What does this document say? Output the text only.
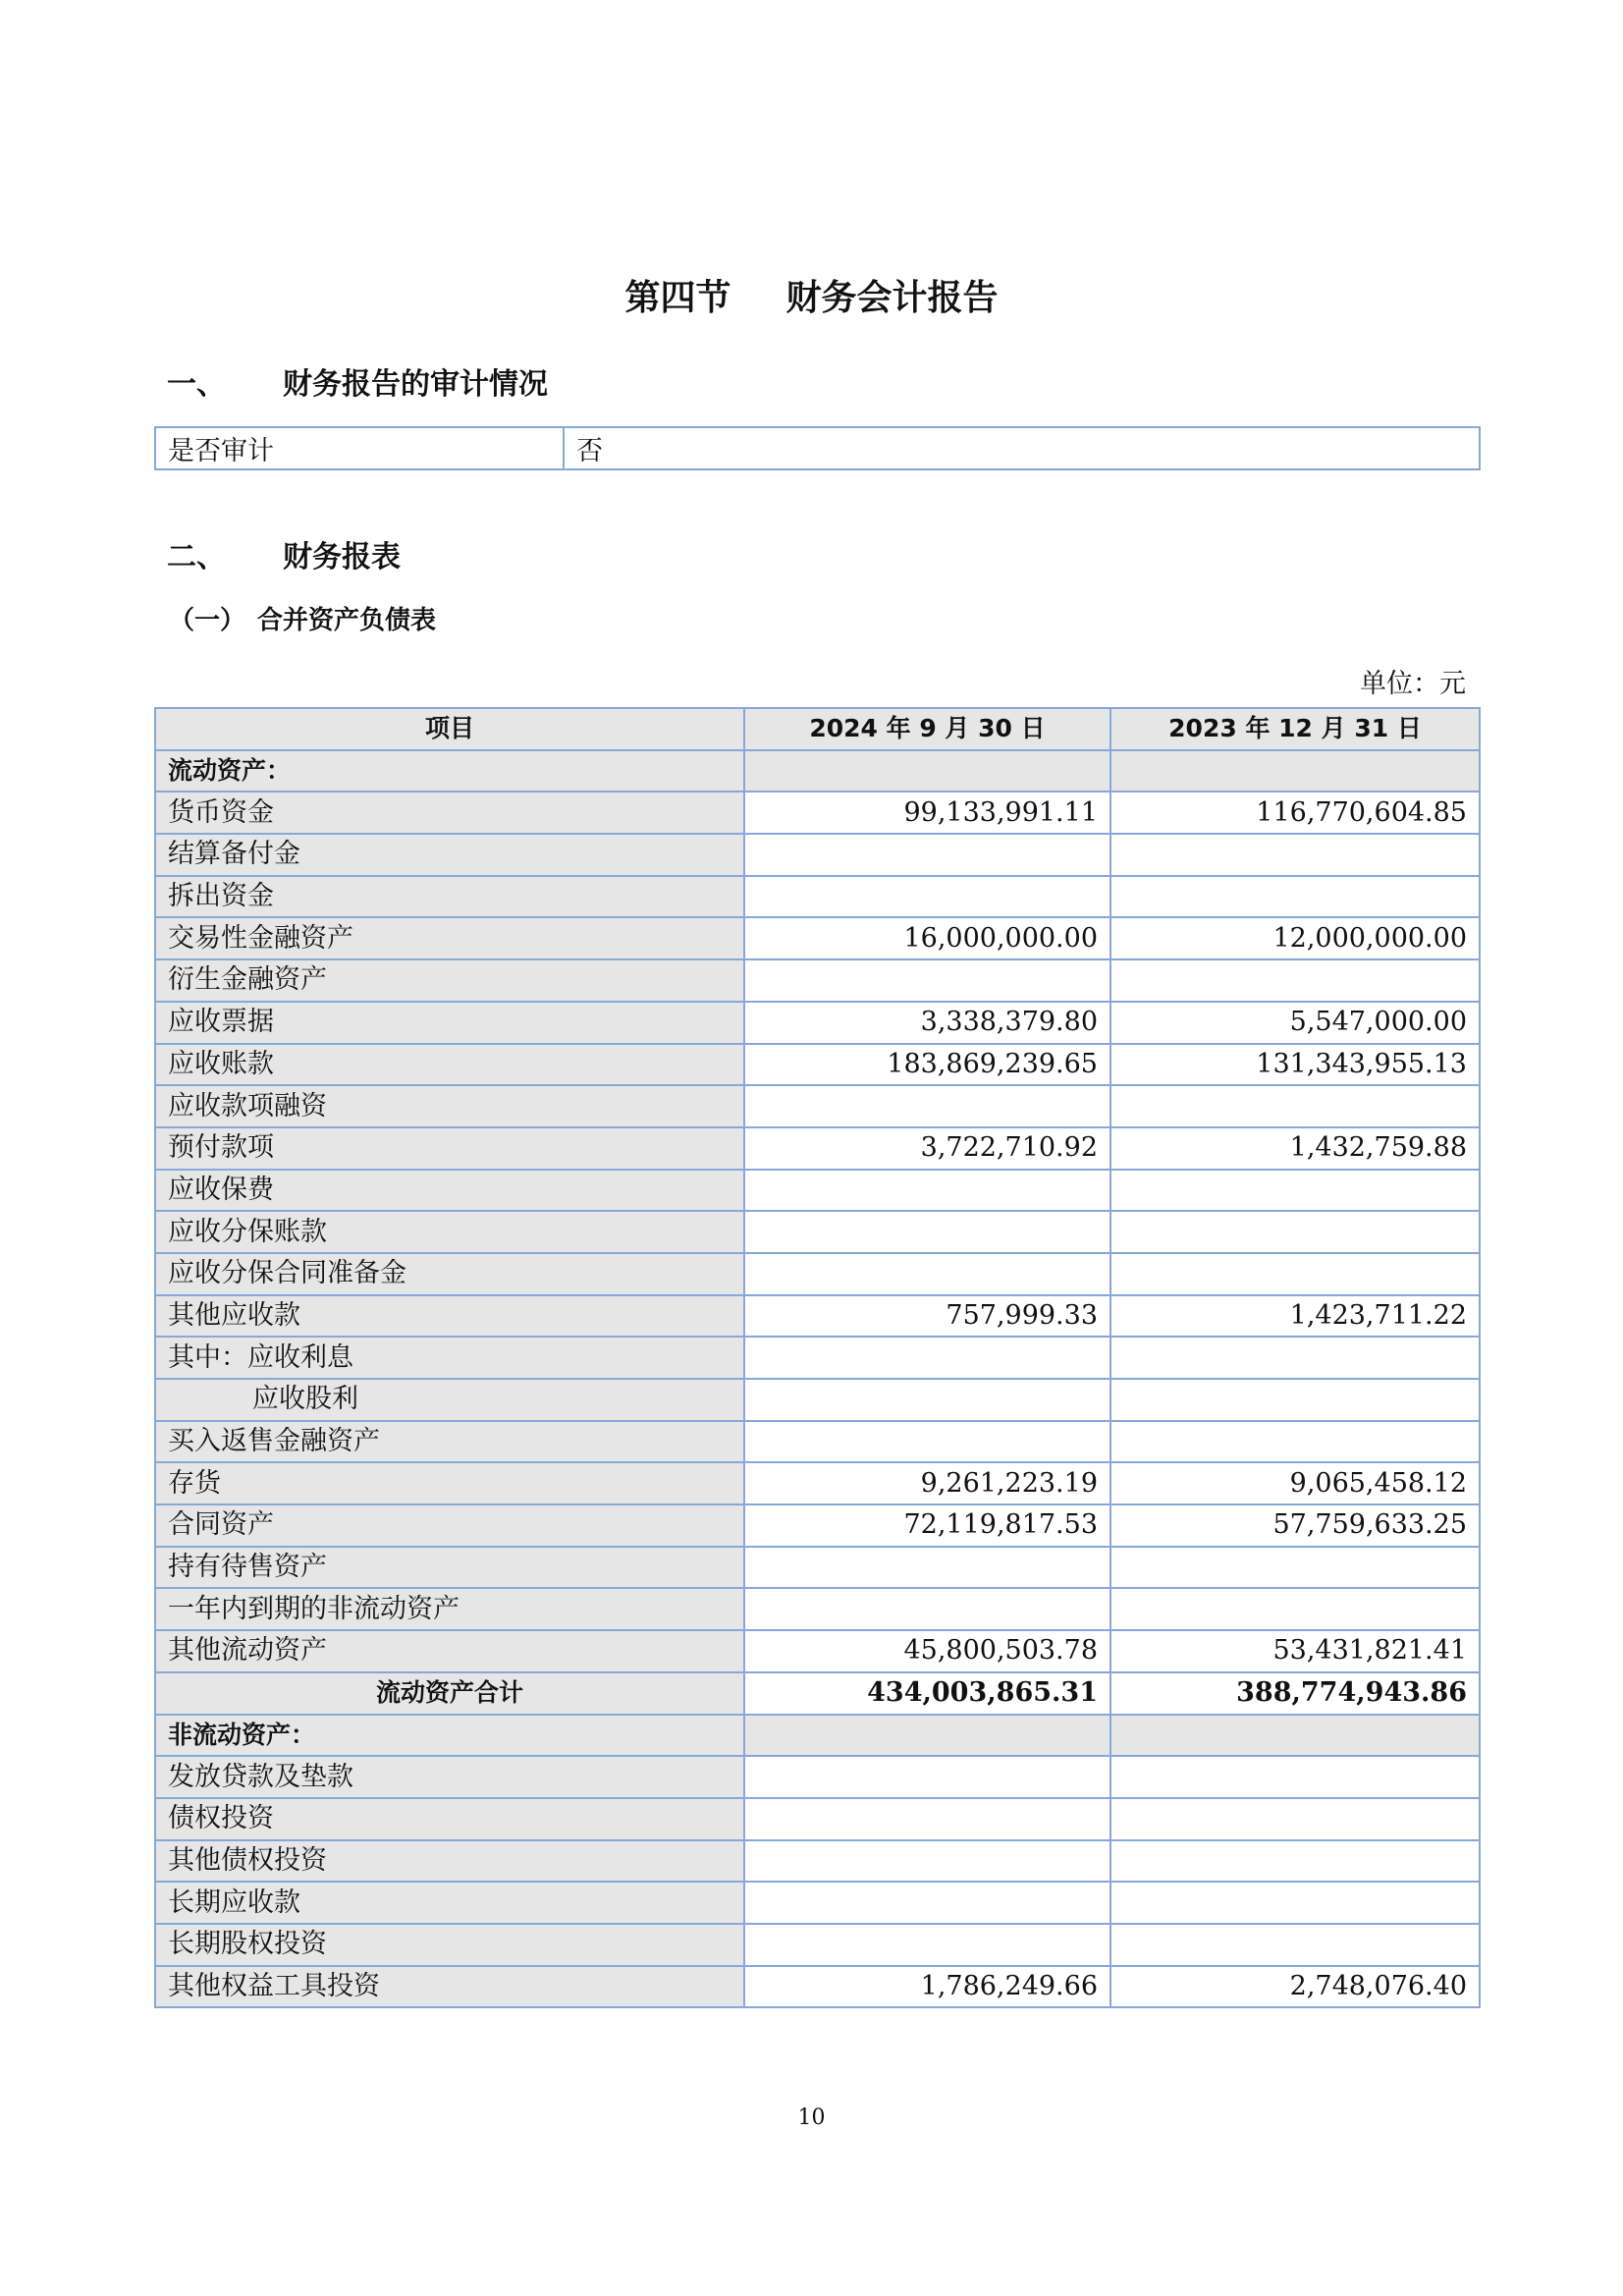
第四节 财务会计报告
一、 财务报告的审计情况
是否审计	否
二、 财务报表
（一） 合并资产负债表
单位：元
项目	2024 年 9 月 30 日	2023 年 12 月 31 日
流动资产：		
货币资金	99,133,991.11	116,770,604.85
结算备付金		
拆出资金		
交易性金融资产	16,000,000.00	12,000,000.00
衍生金融资产		
应收票据	3,338,379.80	5,547,000.00
应收账款	183,869,239.65	131,343,955.13
应收款项融资		
预付款项	3,722,710.92	1,432,759.88
应收保费		
应收分保账款		
应收分保合同准备金		
其他应收款	757,999.33	1,423,711.22
其中：应收利息		
应收股利		
买入返售金融资产		
存货	9,261,223.19	9,065,458.12
合同资产	72,119,817.53	57,759,633.25
持有待售资产		
一年内到期的非流动资产		
其他流动资产	45,800,503.78	53,431,821.41
流动资产合计	434,003,865.31	388,774,943.86
非流动资产：		
发放贷款及垫款		
债权投资		
其他债权投资		
长期应收款		
长期股权投资		
其他权益工具投资	1,786,249.66	2,748,076.40
10
